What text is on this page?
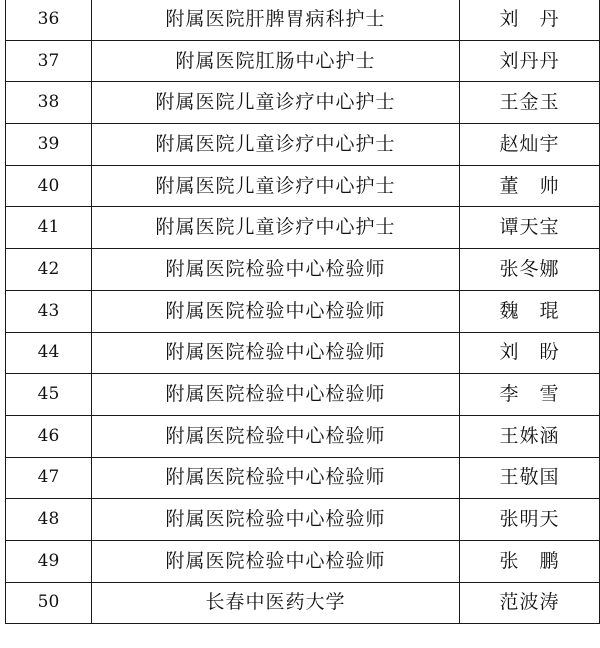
36	附属医院肝脾胃病科护士	刘　丹
37	附属医院肛肠中心护士	刘丹丹
38	附属医院儿童诊疗中心护士	王金玉
39	附属医院儿童诊疗中心护士	赵灿宇
40	附属医院儿童诊疗中心护士	董　帅
41	附属医院儿童诊疗中心护士	谭天宝
42	附属医院检验中心检验师	张冬娜
43	附属医院检验中心检验师	魏　琨
44	附属医院检验中心检验师	刘　盼
45	附属医院检验中心检验师	李　雪
46	附属医院检验中心检验师	王姝涵
47	附属医院检验中心检验师	王敬国
48	附属医院检验中心检验师	张明天
49	附属医院检验中心检验师	张　鹏
50	长春中医药大学	范波涛
